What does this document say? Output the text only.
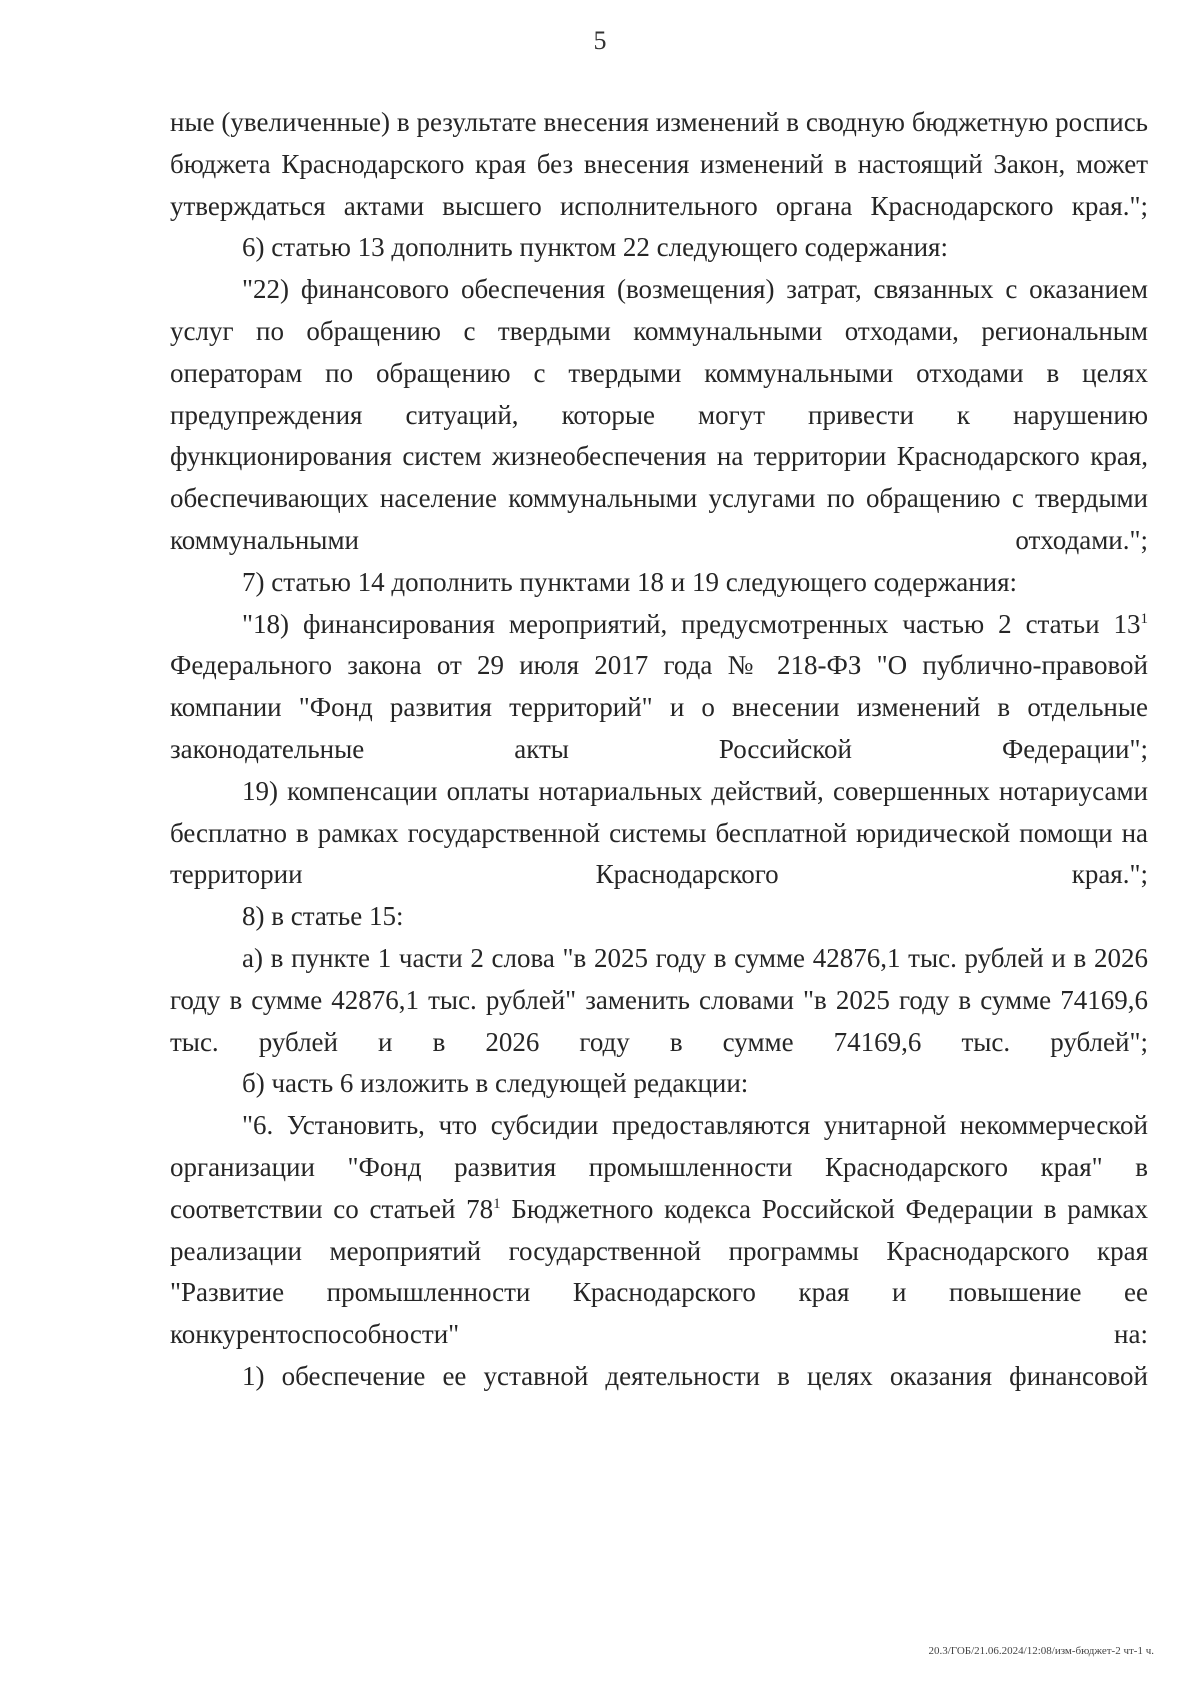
5

ные (увеличенные) в результате внесения изменений в сводную бюджетную роспись бюджета Краснодарского края без внесения изменений в настоящий Закон, может утверждаться актами высшего исполнительного органа Краснодарского края.";

6) статью 13 дополнить пунктом 22 следующего содержания:

"22) финансового обеспечения (возмещения) затрат, связанных с оказанием услуг по обращению с твердыми коммунальными отходами, региональным операторам по обращению с твердыми коммунальными отходами в целях предупреждения ситуаций, которые могут привести к нарушению функционирования систем жизнеобеспечения на территории Краснодарского края, обеспечивающих население коммунальными услугами по обращению с твердыми коммунальными отходами.";

7) статью 14 дополнить пунктами 18 и 19 следующего содержания:

"18) финансирования мероприятий, предусмотренных частью 2 статьи $13^1$ Федерального закона от 29 июля 2017 года № 218-ФЗ "О публично-правовой компании "Фонд развития территорий" и о внесении изменений в отдельные законодательные акты Российской Федерации";

19) компенсации оплаты нотариальных действий, совершенных нотариусами бесплатно в рамках государственной системы бесплатной юридической помощи на территории Краснодарского края.";

8) в статье 15:

а) в пункте 1 части 2 слова "в 2025 году в сумме 42876,1 тыс. рублей и в 2026 году в сумме 42876,1 тыс. рублей" заменить словами "в 2025 году в сумме 74169,6 тыс. рублей и в 2026 году в сумме 74169,6 тыс. рублей";

б) часть 6 изложить в следующей редакции:

"6. Установить, что субсидии предоставляются унитарной некоммерческой организации "Фонд развития промышленности Краснодарского края" в соответствии со статьей $78^1$ Бюджетного кодекса Российской Федерации в рамках реализации мероприятий государственной программы Краснодарского края "Развитие промышленности Краснодарского края и повышение ее конкурентоспособности" на:

1) обеспечение ее уставной деятельности в целях оказания финансовой

20.3/ГОБ/21.06.2024/12:08/изм-бюджет-2 чт-1 ч.
